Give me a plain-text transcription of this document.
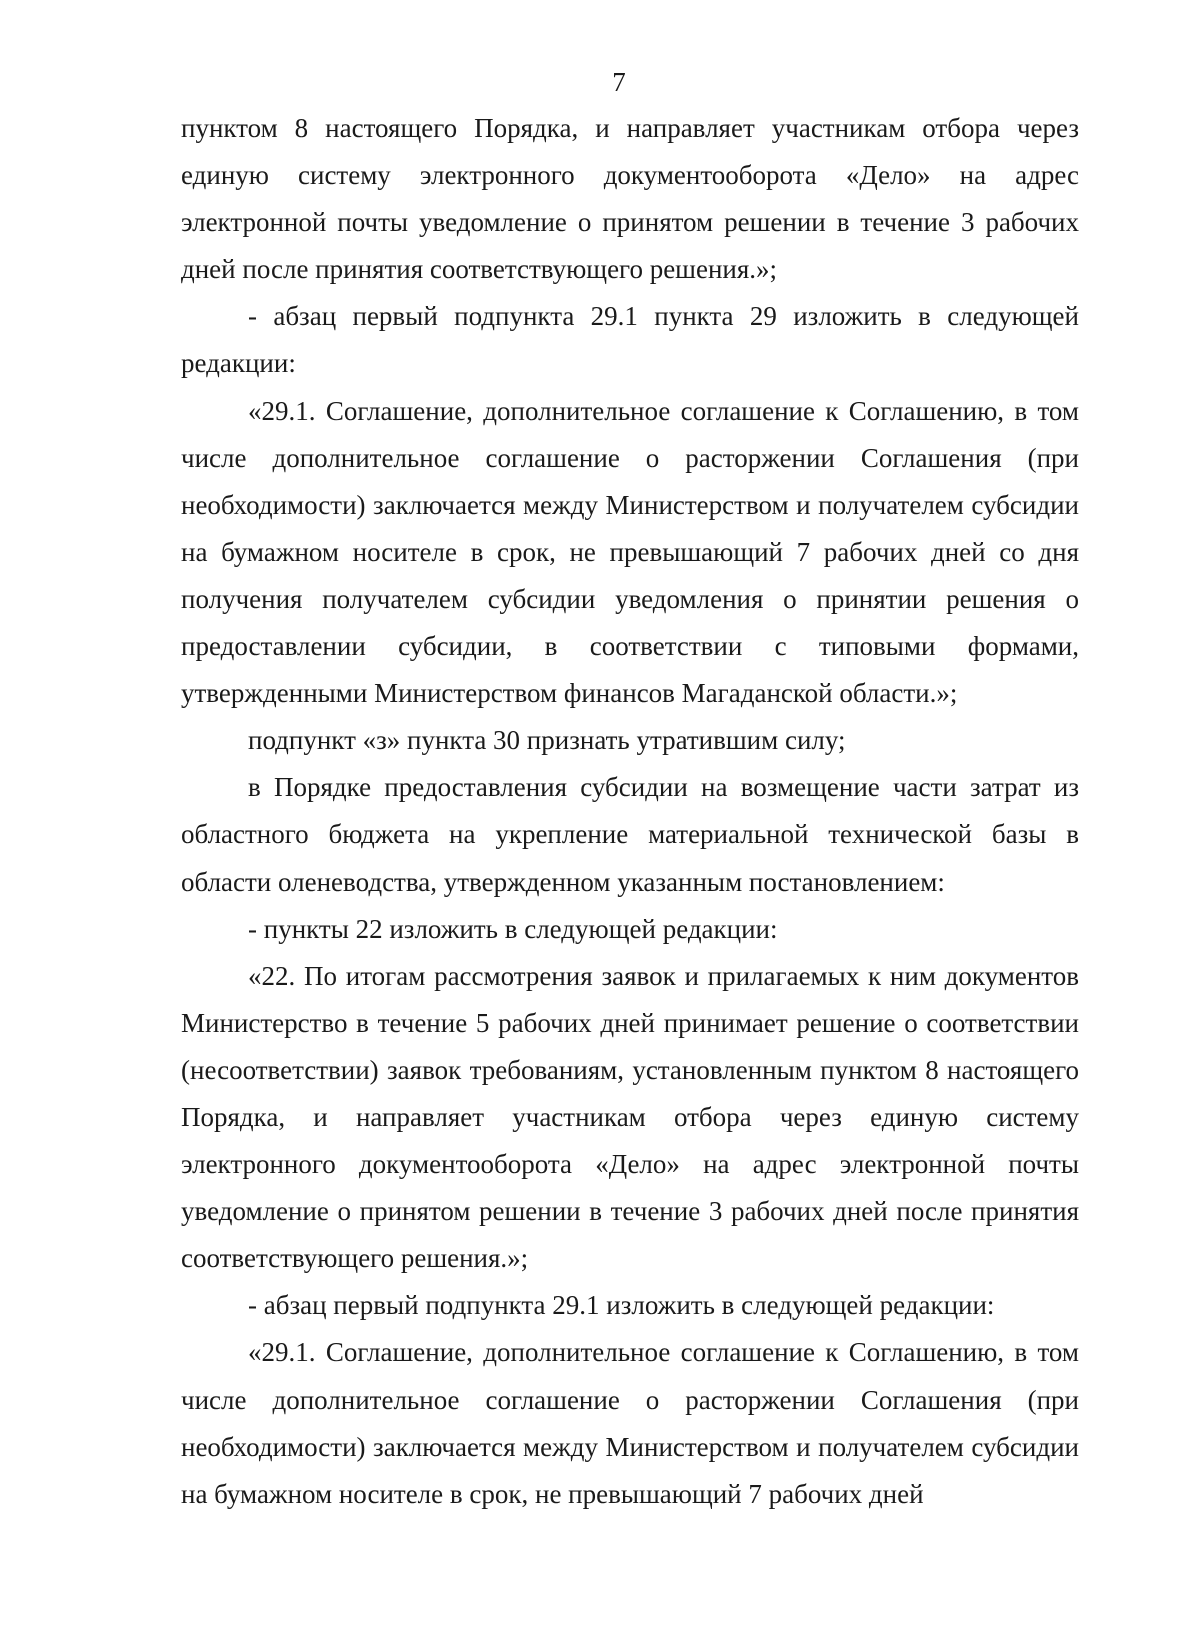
7

пунктом 8 настоящего Порядка, и направляет участникам отбора через единую систему электронного документооборота «Дело» на адрес электронной почты уведомление о принятом решении в течение 3 рабочих дней после принятия соответствующего решения.»;

- абзац первый подпункта 29.1 пункта 29 изложить в следующей редакции:

«29.1. Соглашение, дополнительное соглашение к Соглашению, в том числе дополнительное соглашение о расторжении Соглашения (при необходимости) заключается между Министерством и получателем субсидии на бумажном носителе в срок, не превышающий 7 рабочих дней со дня получения получателем субсидии уведомления о принятии решения о предоставлении субсидии, в соответствии с типовыми формами, утвержденными Министерством финансов Магаданской области.»;

подпункт «з» пункта 30 признать утратившим силу;

в Порядке предоставления субсидии на возмещение части затрат из областного бюджета на укрепление материальной технической базы в области оленеводства, утвержденном указанным постановлением:

- пункты 22 изложить в следующей редакции:

«22. По итогам рассмотрения заявок и прилагаемых к ним документов Министерство в течение 5 рабочих дней принимает решение о соответствии (несоответствии) заявок требованиям, установленным пунктом 8 настоящего Порядка, и направляет участникам отбора через единую систему электронного документооборота «Дело» на адрес электронной почты уведомление о принятом решении в течение 3 рабочих дней после принятия соответствующего решения.»;

- абзац первый подпункта 29.1 изложить в следующей редакции:

«29.1. Соглашение, дополнительное соглашение к Соглашению, в том числе дополнительное соглашение о расторжении Соглашения (при необходимости) заключается между Министерством и получателем субсидии на бумажном носителе в срок, не превышающий 7 рабочих дней
